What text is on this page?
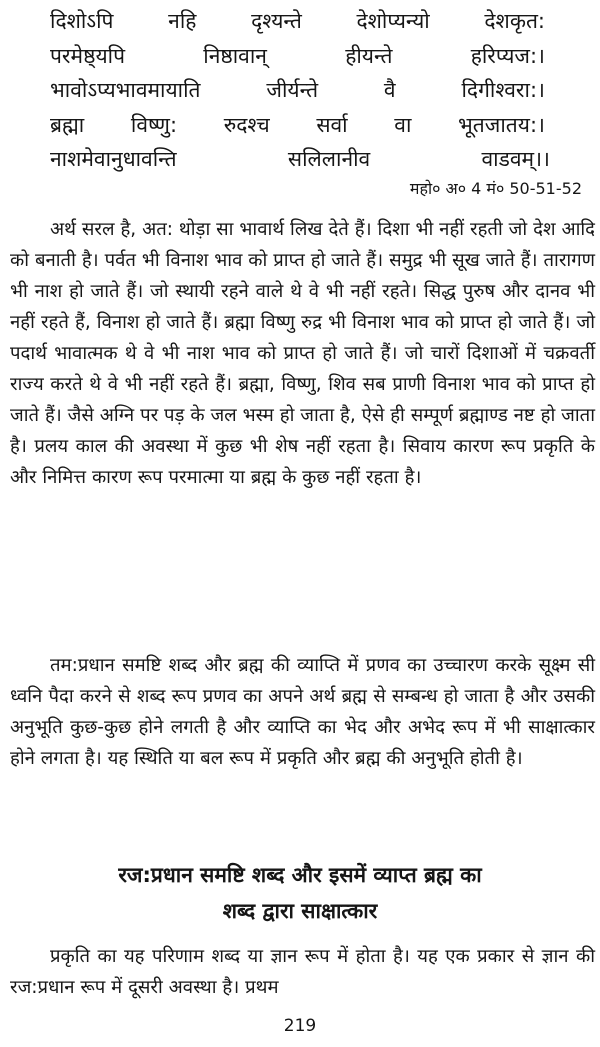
दिशोऽपि नहि दृश्यन्ते देशोप्यन्यो देशकृत:
परमेष्ठ्यपि निष्ठावान् हीयन्ते हरिप्यज:।
भावोऽप्यभावमायाति जीर्यन्ते वै दिगीश्वरा:।
ब्रह्मा विष्णु: रुदश्च सर्वा वा भूतजातय:।
नाशमेवानुधावन्ति सलिलानीव वाडवम्।।
महो० अ० 4 मं० 50-51-52

अर्थ सरल है, अत: थोड़ा सा भावार्थ लिख देते हैं। दिशा भी नहीं रहती जो देश आदि को बनाती है। पर्वत भी विनाश भाव को प्राप्त हो जाते हैं। समुद्र भी सूख जाते हैं। तारागण भी नाश हो जाते हैं। जो स्थायी रहने वाले थे वे भी नहीं रहते। सिद्ध पुरुष और दानव भी नहीं रहते हैं, विनाश हो जाते हैं। ब्रह्मा विष्णु रुद्र भी विनाश भाव को प्राप्त हो जाते हैं। जो पदार्थ भावात्मक थे वे भी नाश भाव को प्राप्त हो जाते हैं। जो चारों दिशाओं में चक्रवर्ती राज्य करते थे वे भी नहीं रहते हैं। ब्रह्मा, विष्णु, शिव सब प्राणी विनाश भाव को प्राप्त हो जाते हैं। जैसे अग्नि पर पड़ के जल भस्म हो जाता है, ऐसे ही सम्पूर्ण ब्रह्माण्ड नष्ट हो जाता है। प्रलय काल की अवस्था में कुछ भी शेष नहीं रहता है। सिवाय कारण रूप प्रकृति के और निमित्त कारण रूप परमात्मा या ब्रह्म के कुछ नहीं रहता है।

तम:प्रधान समष्टि शब्द और ब्रह्म की व्याप्ति में प्रणव का उच्चारण करके सूक्ष्म सी ध्वनि पैदा करने से शब्द रूप प्रणव का अपने अर्थ ब्रह्म से सम्बन्ध हो जाता है और उसकी अनुभूति कुछ-कुछ होने लगती है और व्याप्ति का भेद और अभेद रूप में भी साक्षात्कार होने लगता है। यह स्थिति या बल रूप में प्रकृति और ब्रह्म की अनुभूति होती है।

रज:प्रधान समष्टि शब्द और इसमें व्याप्त ब्रह्म का
शब्द द्वारा साक्षात्कार

प्रकृति का यह परिणाम शब्द या ज्ञान रूप में होता है। यह एक प्रकार से ज्ञान की रज:प्रधान रूप में दूसरी अवस्था है। प्रथम

219
